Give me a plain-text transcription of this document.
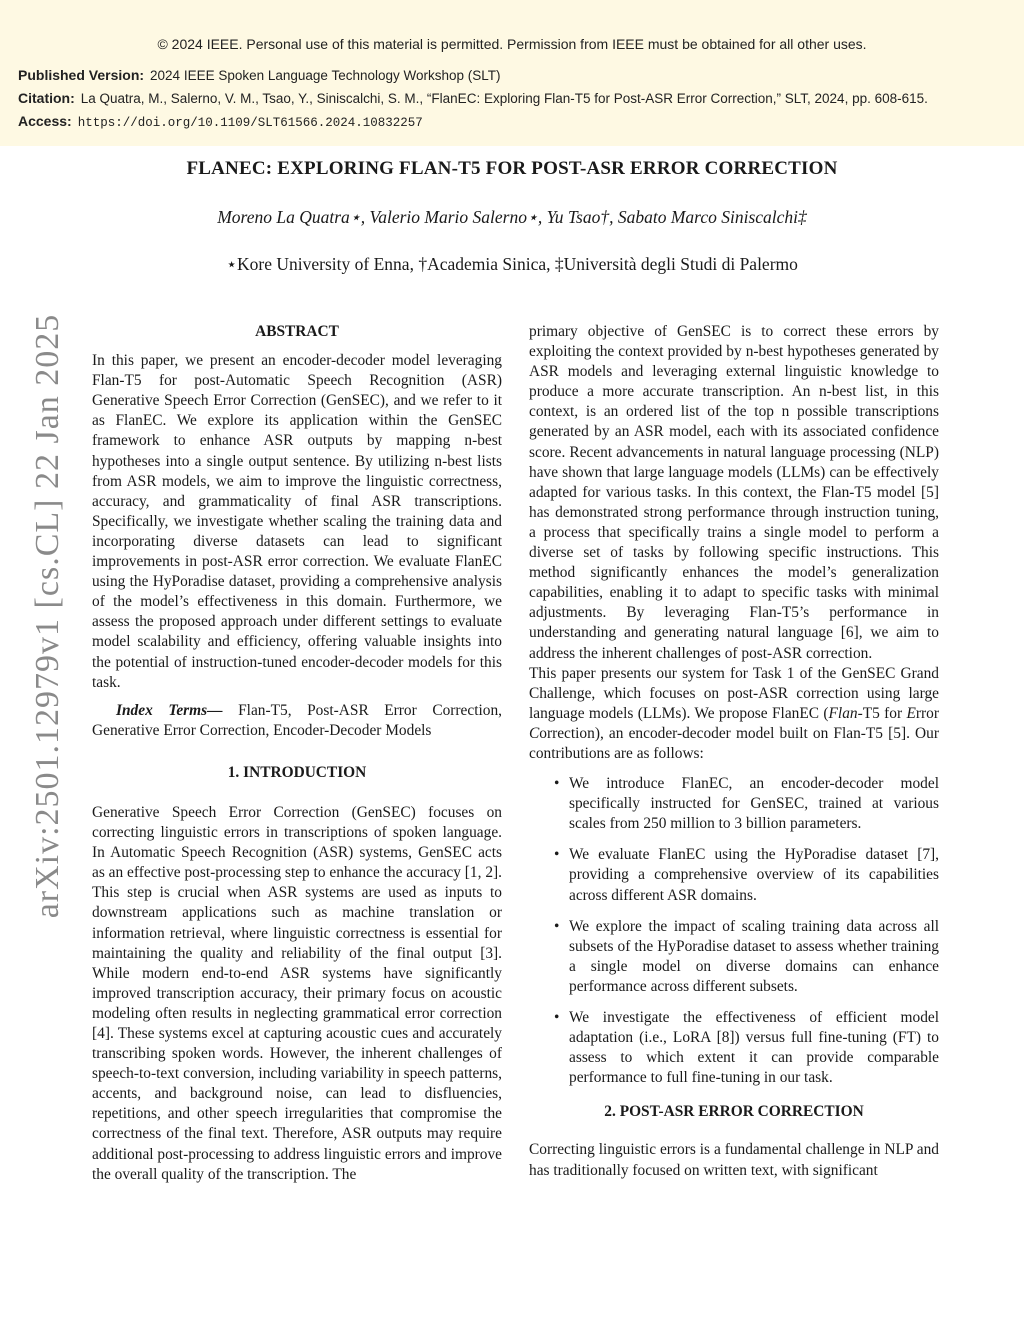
© 2024 IEEE. Personal use of this material is permitted. Permission from IEEE must be obtained for all other uses.
Published Version: 2024 IEEE Spoken Language Technology Workshop (SLT)
Citation: La Quatra, M., Salerno, V. M., Tsao, Y., Siniscalchi, S. M., “FlanEC: Exploring Flan-T5 for Post-ASR Error Correction,” SLT, 2024, pp. 608-615.
Access: https://doi.org/10.1109/SLT61566.2024.10832257
FLANEC: EXPLORING FLAN-T5 FOR POST-ASR ERROR CORRECTION
Moreno La Quatra⋆, Valerio Mario Salerno⋆, Yu Tsao†, Sabato Marco Siniscalchi‡
⋆Kore University of Enna, †Academia Sinica, ‡Università degli Studi di Palermo
arXiv:2501.12979v1 [cs.CL] 22 Jan 2025	ABSTRACT

In this paper, we present an encoder-decoder model leveraging Flan-T5 for post-Automatic Speech Recognition (ASR) Generative Speech Error Correction (GenSEC), and we refer to it as FlanEC. We explore its application within the GenSEC framework to enhance ASR outputs by mapping n-best hypotheses into a single output sentence. By utilizing n-best lists from ASR models, we aim to improve the linguistic correctness, accuracy, and grammaticality of final ASR transcriptions. Specifically, we investigate whether scaling the training data and incorporating diverse datasets can lead to significant improvements in post-ASR error correction. We evaluate FlanEC using the HyPoradise dataset, providing a comprehensive analysis of the model’s effectiveness in this domain. Furthermore, we assess the proposed approach under different settings to evaluate model scalability and efficiency, offering valuable insights into the potential of instruction-tuned encoder-decoder models for this task.

Index Terms— Flan-T5, Post-ASR Error Correction, Generative Error Correction, Encoder-Decoder Models

1. INTRODUCTION

Generative Speech Error Correction (GenSEC) focuses on correcting linguistic errors in transcriptions of spoken language. In Automatic Speech Recognition (ASR) systems, GenSEC acts as an effective post-processing step to enhance the accuracy [1, 2]. This step is crucial when ASR systems are used as inputs to downstream applications such as machine translation or information retrieval, where linguistic correctness is essential for maintaining the quality and reliability of the final output [3]. While modern end-to-end ASR systems have significantly improved transcription accuracy, their primary focus on acoustic modeling often results in neglecting grammatical error correction [4]. These systems excel at capturing acoustic cues and accurately transcribing spoken words. However, the inherent challenges of speech-to-text conversion, including variability in speech patterns, accents, and background noise, can lead to disfluencies, repetitions, and other speech irregularities that compromise the correctness of the final text. Therefore, ASR outputs may require additional post-processing to address linguistic errors and improve the overall quality of the transcription. The

primary objective of GenSEC is to correct these errors by exploiting the context provided by n-best hypotheses generated by ASR models and leveraging external linguistic knowledge to produce a more accurate transcription. An n-best list, in this context, is an ordered list of the top n possible transcriptions generated by an ASR model, each with its associated confidence score. Recent advancements in natural language processing (NLP) have shown that large language models (LLMs) can be effectively adapted for various tasks. In this context, the Flan-T5 model [5] has demonstrated strong performance through instruction tuning, a process that specifically trains a single model to perform a diverse set of tasks by following specific instructions. This method significantly enhances the model’s generalization capabilities, enabling it to adapt to specific tasks with minimal adjustments. By leveraging Flan-T5’s performance in understanding and generating natural language [6], we aim to address the inherent challenges of post-ASR correction.

This paper presents our system for Task 1 of the GenSEC Grand Challenge, which focuses on post-ASR correction using large language models (LLMs). We propose FlanEC (Flan-T5 for Error Correction), an encoder-decoder model built on Flan-T5 [5]. Our contributions are as follows:

• We introduce FlanEC, an encoder-decoder model specifically instructed for GenSEC, trained at various scales from 250 million to 3 billion parameters.
• We evaluate FlanEC using the HyPoradise dataset [7], providing a comprehensive overview of its capabilities across different ASR domains.
• We explore the impact of scaling training data across all subsets of the HyPoradise dataset to assess whether training a single model on diverse domains can enhance performance across different subsets.
• We investigate the effectiveness of efficient model adaptation (i.e., LoRA [8]) versus full fine-tuning (FT) to assess to which extent it can provide comparable performance to full fine-tuning in our task.
2. POST-ASR ERROR CORRECTION

Correcting linguistic errors is a fundamental challenge in NLP and has traditionally focused on written text, with significant
